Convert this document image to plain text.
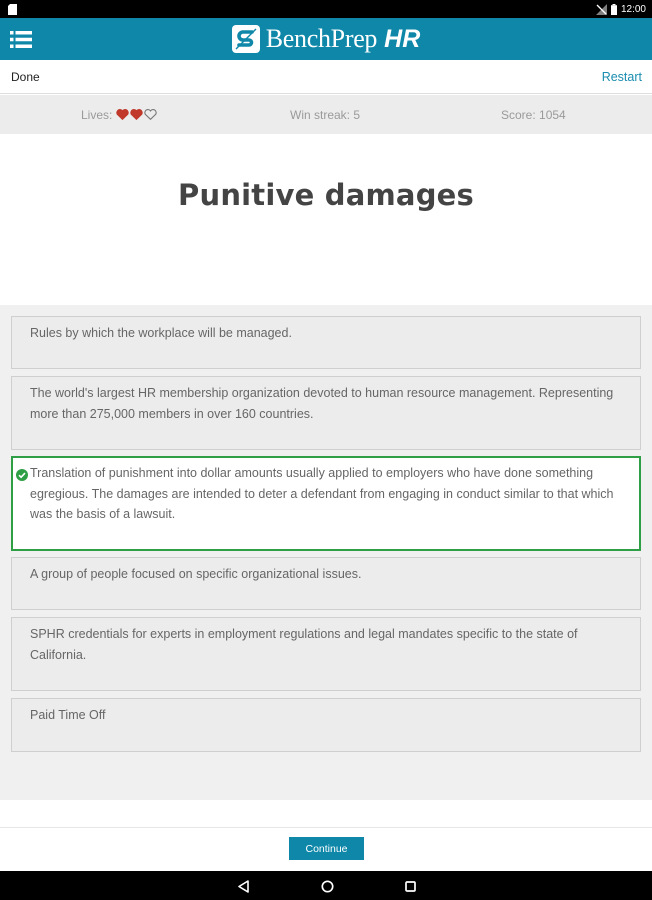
12:00
BenchPrep HR
Done	Restart
Lives:	Win streak: 5	Score: 1054
Punitive damages
Rules by which the workplace will be managed.
The world's largest HR membership organization devoted to human resource management. Representing more than 275,000 members in over 160 countries.
Translation of punishment into dollar amounts usually applied to employers who have done something egregious. The damages are intended to deter a defendant from engaging in conduct similar to that which was the basis of a lawsuit.
A group of people focused on specific organizational issues.
SPHR credentials for experts in employment regulations and legal mandates specific to the state of California.
Paid Time Off
Continue
